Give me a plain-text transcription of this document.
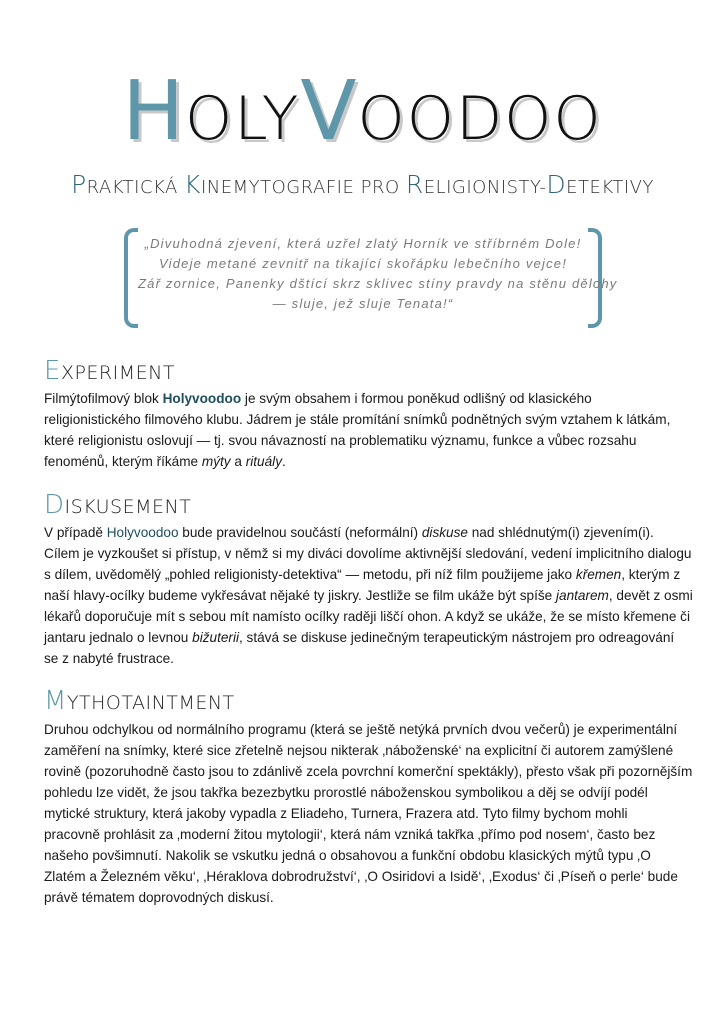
HOLYVOODOO
PRAKTICKÁ KINEMYTOGRAFIE PRO RELIGIONISTY-DETEKTIVY
„Divuhodná zjevení, která uzřel zlatý Horník ve stříbrném Dole!
Videje metané zevnitř na tikající skořápku lebečního vejce!
Zář zornice, Panenky dštící skrz sklivec stíny pravdy na stěnu dělohy
— sluje, jež sluje Tenata!“
EXPERIMENT

Filmýtofilmový blok Holyvoodoo je svým obsahem i formou poněkud odlišný od klasického

religionistického filmového klubu. Jádrem je stále promítání snímků podnětných svým vztahem k látkám,

které religionistu oslovují — tj. svou návazností na problematiku významu, funkce a vůbec rozsahu

fenoménů, kterým říkáme mýty a rituály.

DISKUSEMENT

V případě Holyvoodoo bude pravidelnou součástí (neformální) diskuse nad shlédnutým(i) zjevením(i).

Cílem je vyzkoušet si přístup, v němž si my diváci dovolíme aktivnější sledování, vedení implicitního dialogu

s dílem, uvědomělý „pohled religionisty-detektiva“ — metodu, při níž film použijeme jako křemen, kterým z

naší hlavy-ocílky budeme vykřesávat nějaké ty jiskry. Jestliže se film ukáže být spíše jantarem, devět z osmi

lékařů doporučuje mít s sebou mít namísto ocílky raději liščí ohon. A když se ukáže, že se místo křemene či

jantaru jednalo o levnou bižuterii, stává se diskuse jedinečným terapeutickým nástrojem pro odreagování

se z nabyté frustrace.

MYTHOTAINTMENT

Druhou odchylkou od normálního programu (která se ještě netýká prvních dvou večerů) je experimentální

zaměření na snímky, které sice zřetelně nejsou nikterak ‚náboženské‘ na explicitní či autorem zamýšlené

rovině (pozoruhodně často jsou to zdánlivě zcela povrchní komerční spektákly), přesto však při pozornějším

pohledu lze vidět, že jsou takřka bezezbytku prorostlé náboženskou symbolikou a děj se odvíjí podél

mytické struktury, která jakoby vypadla z Eliadeho, Turnera, Frazera atd. Tyto filmy bychom mohli

pracovně prohlásit za ‚moderní žitou mytologii‘, která nám vzniká takřka ‚přímo pod nosem‘, často bez

našeho povšimnutí. Nakolik se vskutku jedná o obsahovou a funkční obdobu klasických mýtů typu ‚O

Zlatém a Železném věku‘, ‚Héraklova dobrodružství‘, ‚O Osiridovi a Isidě‘, ‚Exodus‘ či ‚Píseň o perle‘ bude

právě tématem doprovodných diskusí.
